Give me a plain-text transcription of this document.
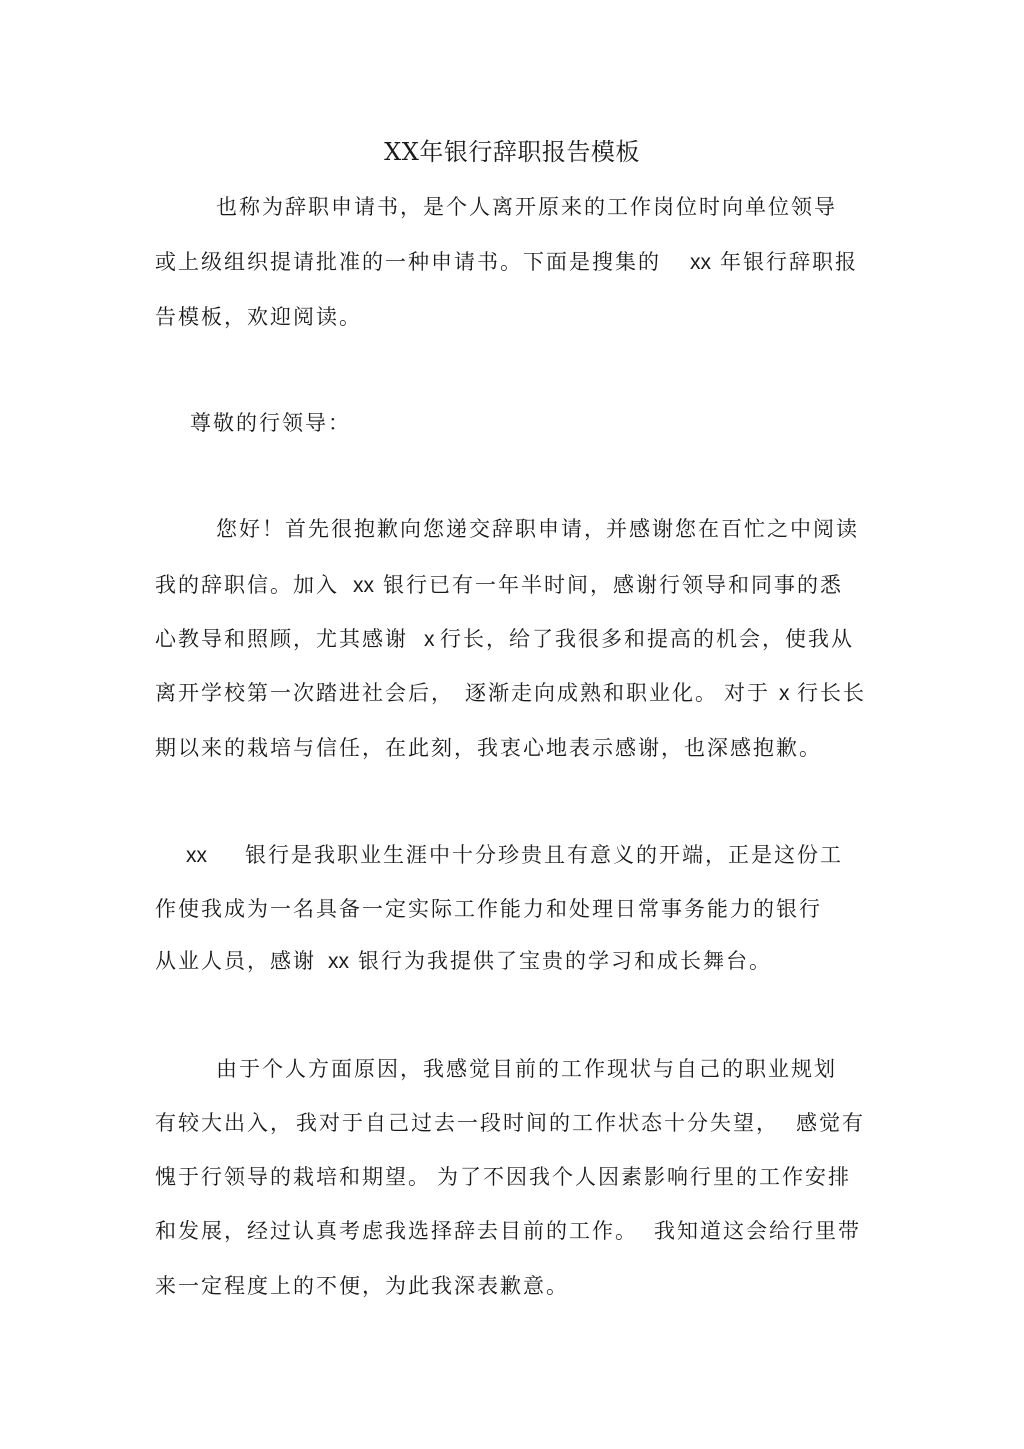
XX年银行辞职报告模板
也称为辞职申请书，是个人离开原来的工作岗位时向单位领导
或上级组织提请批准的一种申请书。下面是搜集的 xx 年银行辞职报
告模板，欢迎阅读。
尊敬的行领导：
您好！首先很抱歉向您递交辞职申请， 并感谢您在百忙之中阅读
我的辞职信。加入 xx 银行已有一年半时间，感谢行领导和同事的悉
心教导和照顾，尤其感谢 x 行长，给了我很多和提高的机会，使我从
离开学校第一次踏进社会后， 逐渐走向成熟和职业化。 对于 x 行长长
期以来的栽培与信任，在此刻，我衷心地表示感谢，也深感抱歉。
xx 银行是我职业生涯中十分珍贵且有意义的开端，正是这份工
作使我成为一名具备一定实际工作能力和处理日常事务能力的银行
从业人员，感谢 xx 银行为我提供了宝贵的学习和成长舞台。
由于个人方面原因，我感觉目前的工作现状与自己的职业规划
有较大出入， 我对于自己过去一段时间的工作状态十分失望， 感觉有
愧于行领导的栽培和期望。 为了不因我个人因素影响行里的工作安排
和发展，经过认真考虑我选择辞去目前的工作。 我知道这会给行里带
来一定程度上的不便，为此我深表歉意。
